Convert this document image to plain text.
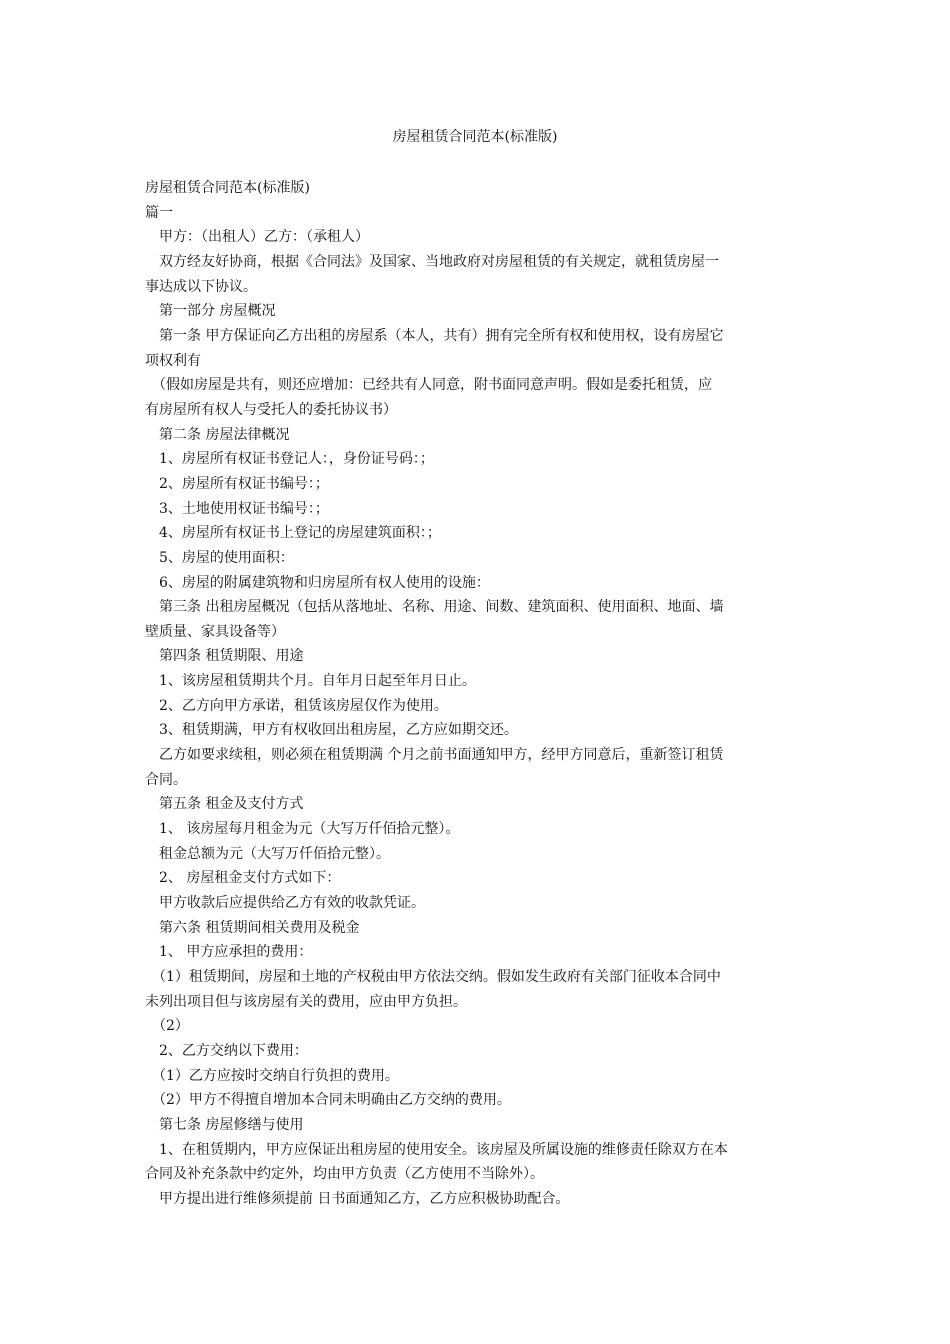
房屋租赁合同范本(标准版)
房屋租赁合同范本(标准版)
篇一
　甲方：（出租人）乙方：（承租人）
　双方经友好协商，根据《合同法》及国家、当地政府对房屋租赁的有关规定，就租赁房屋一
事达成以下协议。
　第一部分 房屋概况
　第一条 甲方保证向乙方出租的房屋系（本人，共有）拥有完全所有权和使用权，设有房屋它
项权利有
　（假如房屋是共有，则还应增加：已经共有人同意，附书面同意声明。假如是委托租赁，应
有房屋所有权人与受托人的委托协议书）
　第二条 房屋法律概况
　1、房屋所有权证书登记人：，身份证号码：；
　2、房屋所有权证书编号：；
　3、土地使用权证书编号：；
　4、房屋所有权证书上登记的房屋建筑面积：；
　5、房屋的使用面积：
　6、房屋的附属建筑物和归房屋所有权人使用的设施：
　第三条 出租房屋概况（包括从落地址、名称、用途、间数、建筑面积、使用面积、地面、墙
壁质量、家具设备等）
　第四条 租赁期限、用途
　1、该房屋租赁期共个月。自年月日起至年月日止。
　2、乙方向甲方承诺，租赁该房屋仅作为使用。
　3、租赁期满，甲方有权收回出租房屋，乙方应如期交还。
　乙方如要求续租，则必须在租赁期满 个月之前书面通知甲方，经甲方同意后，重新签订租赁
合同。
　第五条 租金及支付方式
　1、 该房屋每月租金为元（大写万仟佰拾元整）。
　租金总额为元（大写万仟佰拾元整）。
　2、 房屋租金支付方式如下：
　甲方收款后应提供给乙方有效的收款凭证。
　第六条 租赁期间相关费用及税金
　1、 甲方应承担的费用：
　（1）租赁期间，房屋和土地的产权税由甲方依法交纳。假如发生政府有关部门征收本合同中
未列出项目但与该房屋有关的费用，应由甲方负担。
　（2）
　2、乙方交纳以下费用：
　（1）乙方应按时交纳自行负担的费用。
　（2）甲方不得擅自增加本合同未明确由乙方交纳的费用。
　第七条 房屋修缮与使用
　1、在租赁期内，甲方应保证出租房屋的使用安全。该房屋及所属设施的维修责任除双方在本
合同及补充条款中约定外，均由甲方负责（乙方使用不当除外）。
　甲方提出进行维修须提前 日书面通知乙方，乙方应积极协助配合。
